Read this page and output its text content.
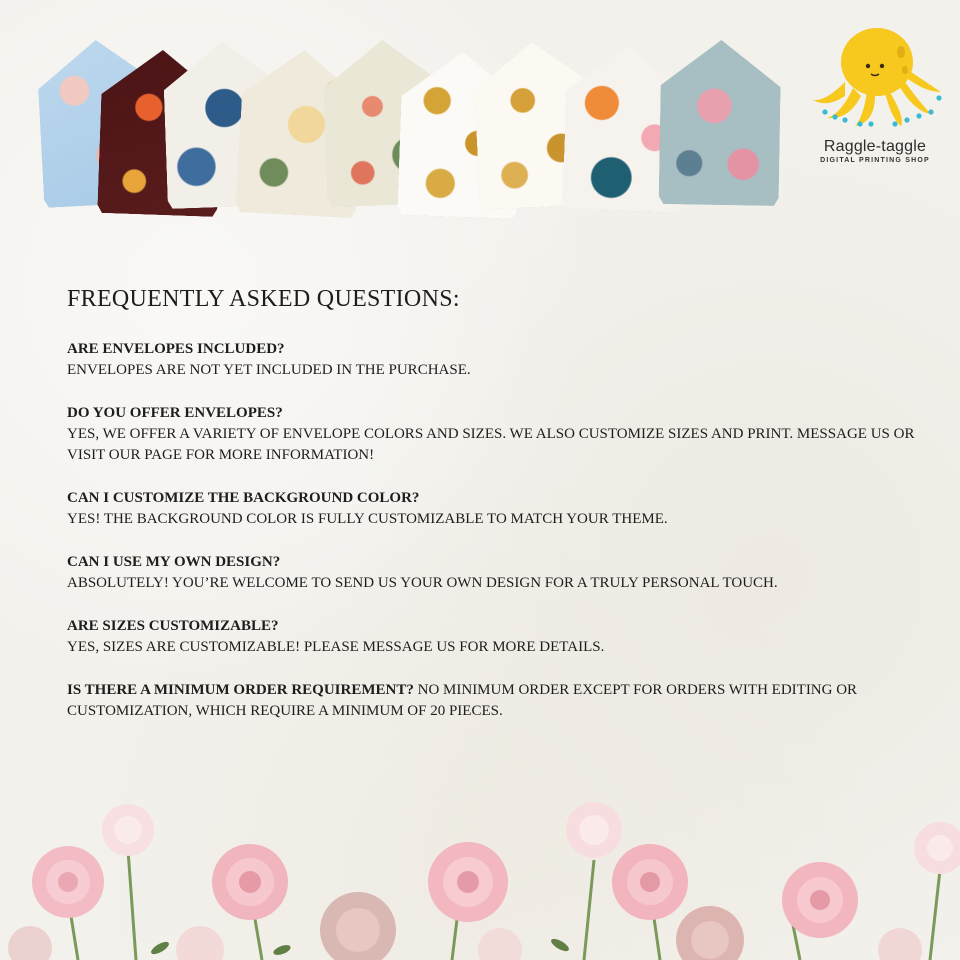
Raggle-taggle
DIGITAL PRINTING SHOP
FREQUENTLY ASKED QUESTIONS:
ARE ENVELOPES INCLUDED?
ENVELOPES ARE NOT YET INCLUDED IN THE PURCHASE.
DO YOU OFFER ENVELOPES?
YES, WE OFFER A VARIETY OF ENVELOPE COLORS AND SIZES. WE ALSO CUSTOMIZE SIZES AND PRINT. MESSAGE US OR VISIT OUR PAGE FOR MORE INFORMATION!
CAN I CUSTOMIZE THE BACKGROUND COLOR?
YES! THE BACKGROUND COLOR IS FULLY CUSTOMIZABLE TO MATCH YOUR THEME.
CAN I USE MY OWN DESIGN?
ABSOLUTELY! YOU’RE WELCOME TO SEND US YOUR OWN DESIGN FOR A TRULY PERSONAL TOUCH.
ARE SIZES CUSTOMIZABLE?
YES, SIZES ARE CUSTOMIZABLE! PLEASE MESSAGE US FOR MORE DETAILS.
IS THERE A MINIMUM ORDER REQUIREMENT? NO MINIMUM ORDER EXCEPT FOR ORDERS WITH EDITING OR CUSTOMIZATION, WHICH REQUIRE A MINIMUM OF 20 PIECES.
